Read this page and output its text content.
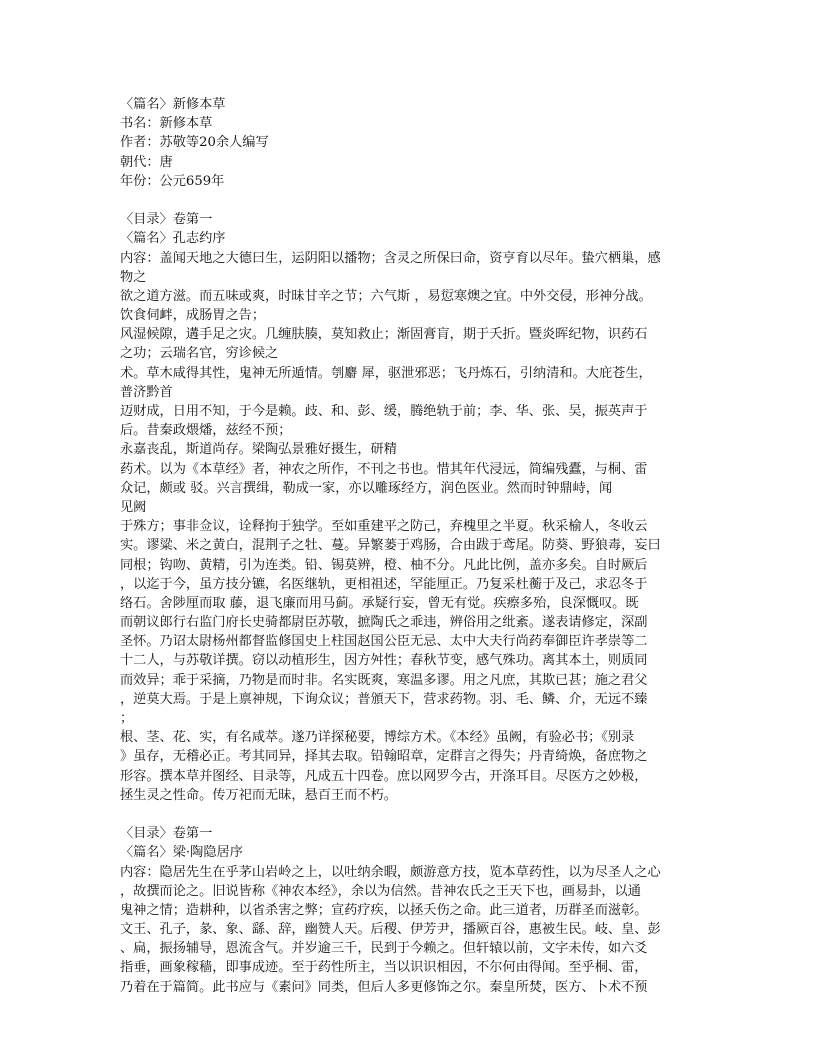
〈篇名〉新修本草
书名：新修本草
作者：苏敬等20余人编写
朝代：唐
年份：公元659年
〈目录〉卷第一
〈篇名〉孔志约序
内容：盖闻天地之大德曰生，运阴阳以播物；含灵之所保曰命，资亨育以尽年。蛰穴栖巢，感
物之
欲之道方滋。而五味或爽，时昧甘辛之节；六气斯 ，易愆寒燠之宜。中外交侵，形神分战。
饮食伺衅，成肠胃之告；
风湿候隙，遘手足之灾。几缠肤腠，莫知救止；渐固膏肓，期于夭折。暨炎晖纪物，识药石
之功；云瑞名官，穷诊候之
术。草木咸得其性，鬼神无所遁情。刳麝 犀，驱泄邪恶；飞丹炼石，引纳清和。大庇苍生，
普济黔首
迈财成，日用不知，于今是赖。歧、和、彭、缓，腾绝轨于前；李、华、张、吴，振英声于
后。昔秦政煨燔，兹经不预；
永嘉丧乱，斯道尚存。梁陶弘景雅好摄生，研精
药术。以为《本草经》者，神农之所作，不刊之书也。惜其年代浸远，简编残蠹，与桐、雷
众记，颇或 驳。兴言撰缉，勒成一家，亦以雕琢经方，润色医业。然而时钟鼎峙，闻
见阙
于殊方；事非佥议，诠释拘于独学。至如重建平之防己，弃槐里之半夏。秋采榆人，冬收云
实。谬粱、米之黄白，混荆子之牡、蔓。异繁蒌于鸡肠，合由跋于鸢尾。防葵、野狼毒，妄曰
同根；钩吻、黄精，引为连类。铅、锡莫辨，橙、柚不分。凡此比例，盖亦多矣。自时厥后
，以迄于今，虽方技分镳，名医继轨，更相祖述，罕能厘正。乃复采杜蘅于及己，求忍冬于
络石。舍陟厘而取 藤，退飞廉而用马蓟。承疑行妄，曾无有觉。疾瘵多殆，良深慨叹。既
而朝议郎行右监门府长史骑都尉臣苏敬，摭陶氏之乖违，辨俗用之纰紊。遂表请修定，深副
圣怀。乃诏太尉杨州都督监修国史上柱国赵国公臣无忌、太中大夫行尚药奉御臣许孝崇等二
十二人，与苏敬详撰。窃以动植形生，因方舛性；春秋节变，感气殊功。离其本土，则质同
而效异；乖于采摘，乃物是而时非。名实既爽，寒温多谬。用之凡庶，其欺已甚；施之君父
，逆莫大焉。于是上禀神规，下询众议；普頒天下，营求药物。羽、毛、鳞、介，无远不臻
；
根、茎、花、实，有名咸萃。遂乃详探秘要，博综方术。《本经》虽阙，有验必书；《别录
》虽存，无稽必正。考其同异，择其去取。铅翰昭章，定群言之得失；丹青绮焕，备庶物之
形容。撰本草并图经、目录等，凡成五十四卷。庶以网罗今古，开涤耳目。尽医方之妙极，
拯生灵之性命。传万祀而无昧，悬百王而不朽。
〈目录〉卷第一
〈篇名〉梁·陶隐居序
内容：隐居先生在乎茅山岩岭之上，以吐纳余暇，颇游意方技，览本草药性，以为尽圣人之心
，故撰而论之。旧说皆称《神农本经》，余以为信然。昔神农氏之王天下也，画易卦，以通
鬼神之情；造耕种，以省杀害之弊；宣药疗疾，以拯夭伤之命。此三道者，历群圣而滋彰。
文王、孔子，彖、象、繇、辞，幽赞人天。后稷、伊芳尹，播厥百谷，惠被生民。岐、皇、彭
、扁，振扬辅导，恩流含气。并岁逾三千，民到于今赖之。但轩辕以前，文字未传，如六爻
指垂，画象稼穑，即事成迹。至于药性所主，当以识识相因，不尔何由得闻。至乎桐、雷，
乃着在于篇简。此书应与《素问》同类，但后人多更修饰之尔。秦皇所焚，医方、卜术不预
